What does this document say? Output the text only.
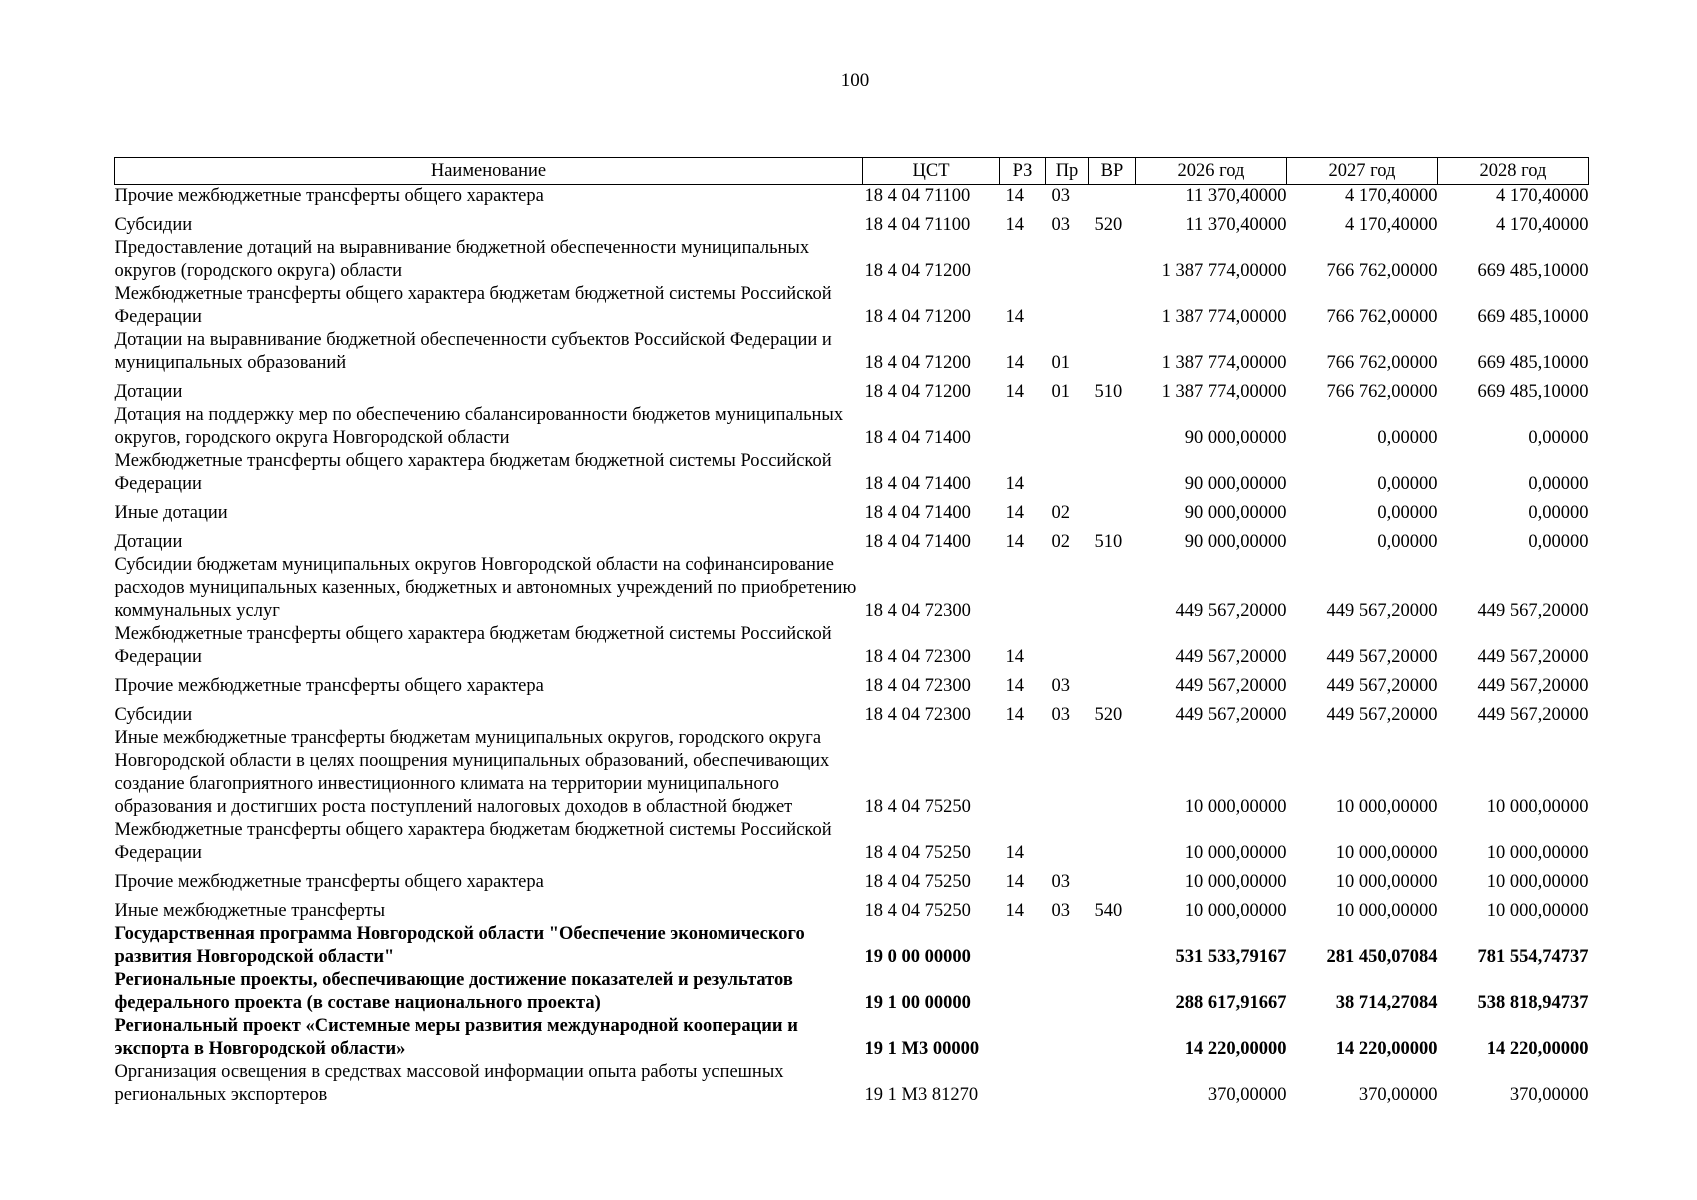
100
Наименование	ЦСТ	РЗ	Пр	ВР	2026 год	2027 год	2028 год
Прочие межбюджетные трансферты общего характера	18 4 04 71100	14	03		11 370,40000	4 170,40000	4 170,40000
Субсидии	18 4 04 71100	14	03	520	11 370,40000	4 170,40000	4 170,40000
Предоставление дотаций на выравнивание бюджетной обеспеченности муниципальных округов (городского округа) области	18 4 04 71200				1 387 774,00000	766 762,00000	669 485,10000
Межбюджетные трансферты общего характера бюджетам бюджетной системы Российской Федерации	18 4 04 71200	14			1 387 774,00000	766 762,00000	669 485,10000
Дотации на выравнивание бюджетной обеспеченности субъектов Российской Федерации и муниципальных образований	18 4 04 71200	14	01		1 387 774,00000	766 762,00000	669 485,10000
Дотации	18 4 04 71200	14	01	510	1 387 774,00000	766 762,00000	669 485,10000
Дотация на поддержку мер по обеспечению сбалансированности бюджетов муниципальных округов, городского округа Новгородской области	18 4 04 71400				90 000,00000	0,00000	0,00000
Межбюджетные трансферты общего характера бюджетам бюджетной системы Российской Федерации	18 4 04 71400	14			90 000,00000	0,00000	0,00000
Иные дотации	18 4 04 71400	14	02		90 000,00000	0,00000	0,00000
Дотации	18 4 04 71400	14	02	510	90 000,00000	0,00000	0,00000
Субсидии бюджетам муниципальных округов Новгородской области на софинансирование расходов муниципальных казенных, бюджетных и автономных учреждений по приобретению коммунальных услуг	18 4 04 72300				449 567,20000	449 567,20000	449 567,20000
Межбюджетные трансферты общего характера бюджетам бюджетной системы Российской Федерации	18 4 04 72300	14			449 567,20000	449 567,20000	449 567,20000
Прочие межбюджетные трансферты общего характера	18 4 04 72300	14	03		449 567,20000	449 567,20000	449 567,20000
Субсидии	18 4 04 72300	14	03	520	449 567,20000	449 567,20000	449 567,20000
Иные межбюджетные трансферты бюджетам муниципальных округов, городского округа Новгородской области в целях поощрения муниципальных образований, обеспечивающих создание благоприятного инвестиционного климата на территории муниципального образования и достигших роста поступлений налоговых доходов в областной бюджет	18 4 04 75250				10 000,00000	10 000,00000	10 000,00000
Межбюджетные трансферты общего характера бюджетам бюджетной системы Российской Федерации	18 4 04 75250	14			10 000,00000	10 000,00000	10 000,00000
Прочие межбюджетные трансферты общего характера	18 4 04 75250	14	03		10 000,00000	10 000,00000	10 000,00000
Иные межбюджетные трансферты	18 4 04 75250	14	03	540	10 000,00000	10 000,00000	10 000,00000
Государственная программа Новгородской области "Обеспечение экономического развития Новгородской области"	19 0 00 00000				531 533,79167	281 450,07084	781 554,74737
Региональные проекты, обеспечивающие достижение показателей и результатов федерального проекта (в составе национального проекта)	19 1 00 00000				288 617,91667	38 714,27084	538 818,94737
Региональный проект «Системные меры развития международной кооперации и экспорта в Новгородской области»	19 1 M3 00000				14 220,00000	14 220,00000	14 220,00000
Организация освещения в средствах массовой информации опыта работы успешных региональных экспортеров	19 1 M3 81270				370,00000	370,00000	370,00000
